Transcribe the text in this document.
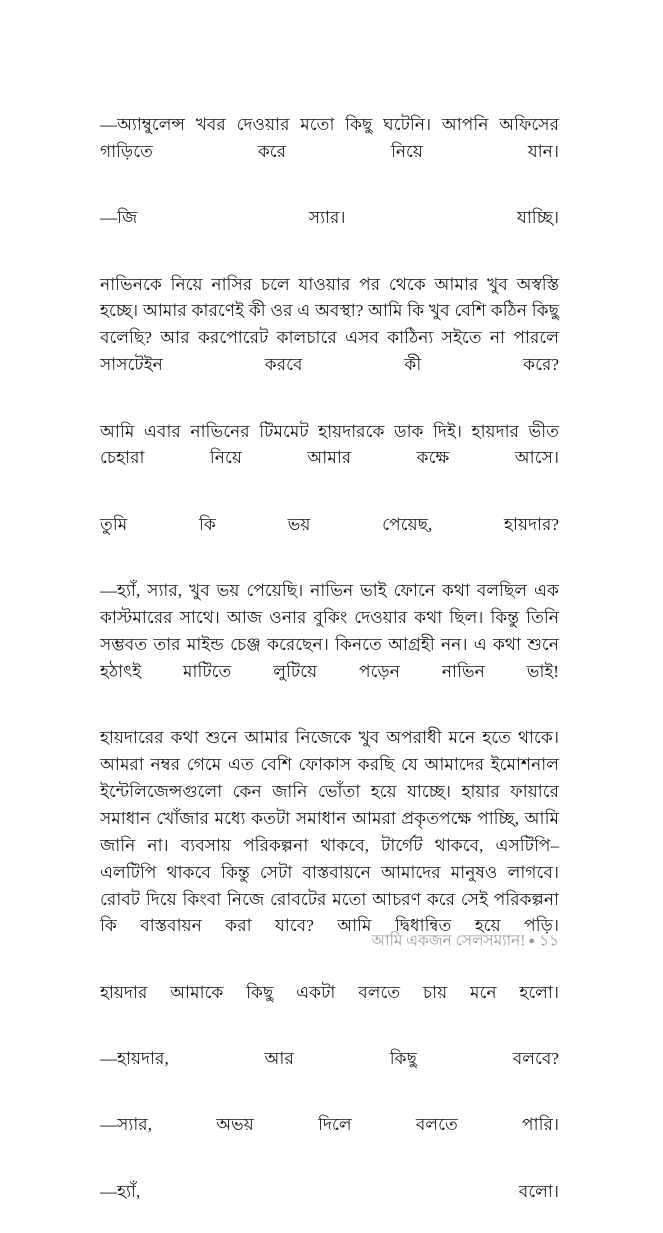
—অ্যাম্বুলেন্স খবর দেওয়ার মতো কিছু ঘটেনি। আপনি অফিসের গাড়িতে করে নিয়ে যান।

—জি স্যার। যাচ্ছি।

নাভিনকে নিয়ে নাসির চলে যাওয়ার পর থেকে আমার খুব অস্বস্তি হচ্ছে। আমার কারণেই কী ওর এ অবস্থা? আমি কি খুব বেশি কঠিন কিছু বলেছি? আর করপোরেট কালচারে এসব কাঠিন্য সইতে না পারলে সাসটেইন করবে কী করে?

আমি এবার নাভিনের টিমমেট হায়দারকে ডাক দিই। হায়দার ভীত চেহারা নিয়ে আমার কক্ষে আসে।

তুমি কি ভয় পেয়েছ, হায়দার?

—হ্যাঁ, স্যার, খুব ভয় পেয়েছি। নাভিন ভাই ফোনে কথা বলছিল এক কাস্টমারের সাথে। আজ ওনার বুকিং দেওয়ার কথা ছিল। কিন্তু তিনি সম্ভবত তার মাইন্ড চেঞ্জ করেছেন। কিনতে আগ্রহী নন। এ কথা শুনে হঠাৎই মাটিতে লুটিয়ে পড়েন নাভিন ভাই!

হায়দারের কথা শুনে আমার নিজেকে খুব অপরাধী মনে হতে থাকে। আমরা নম্বর গেমে এত বেশি ফোকাস করছি যে আমাদের ইমোশনাল ইন্টেলিজেন্সগুলো কেন জানি ভোঁতা হয়ে যাচ্ছে। হায়ার ফায়ারে সমাধান খোঁজার মধ্যে কতটা সমাধান আমরা প্রকৃতপক্ষে পাচ্ছি, আমি জানি না। ব্যবসায় পরিকল্পনা থাকবে, টার্গেট থাকবে, এসটিপি–এলটিপি থাকবে কিন্তু সেটা বাস্তবায়নে আমাদের মানুষও লাগবে। রোবট দিয়ে কিংবা নিজে রোবটের মতো আচরণ করে সেই পরিকল্পনা কি বাস্তবায়ন করা যাবে? আমি দ্বিধান্বিত হয়ে পড়ি।

হায়দার আমাকে কিছু একটা বলতে চায় মনে হলো।

—হায়দার, আর কিছু বলবে?

—স্যার, অভয় দিলে বলতে পারি।

—হ্যাঁ, বলো।

আমি একজন সেলসম্যান! ● ১১
